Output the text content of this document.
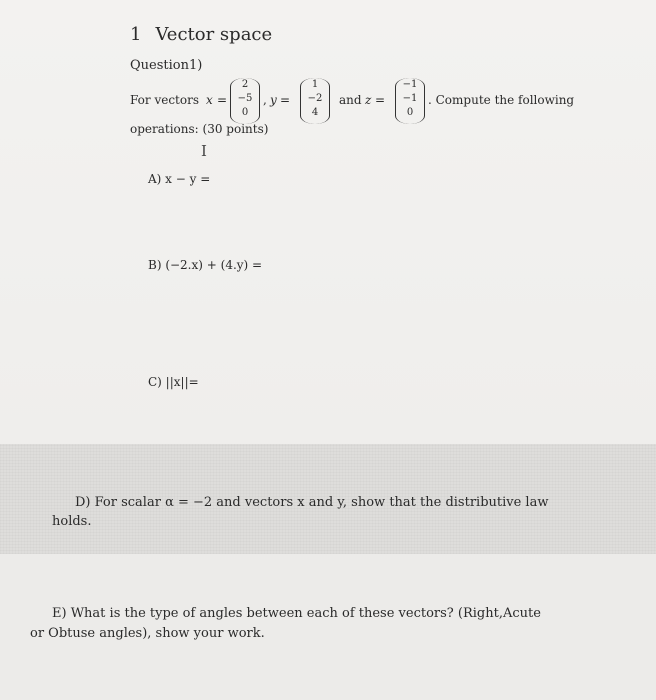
1 Vector space
Question1)
For vectors x =
2
−5
0
, y =
1
−2
4
and z =
−1
−1
0
. Compute the following
operations: (30 points)
I
A) x − y =
B) (−2.x) + (4.y) =
C) ||x||=
D) For scalar α = −2 and vectors x and y, show that the distributive law
holds.
E) What is the type of angles between each of these vectors? (Right,Acute
or Obtuse angles), show your work.
